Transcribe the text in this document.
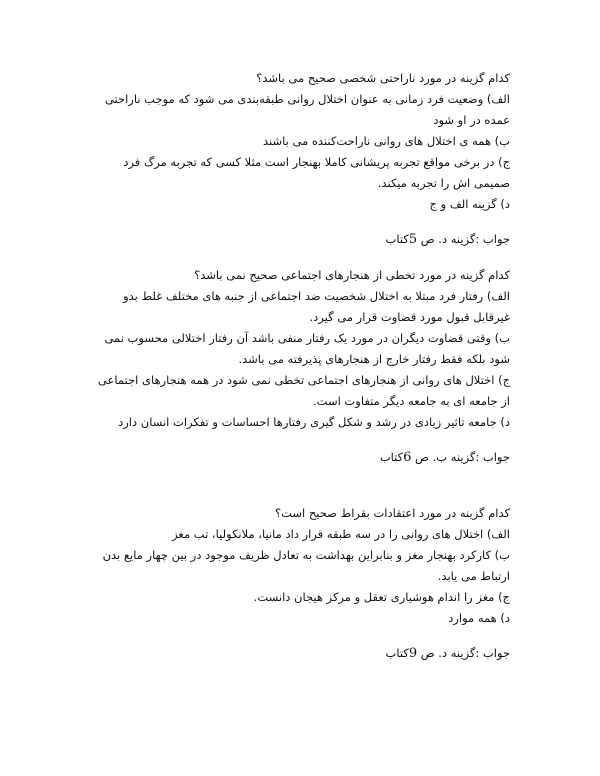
کدام گزینه در مورد ناراحتی شخصی صحیح می باشد؟

الف) وضعیت فرد زمانی به عنوان اختلال روانی طبقه‌بندی می شود که موجب ناراحتی عمده در او شود

ب) همه ی اختلال های روانی ناراحت‌کننده می باشند

ج) در برخی مواقع تجربه پریشانی کاملا بهنجار است مثلا کسی که تجربه مرگ فرد صمیمی اش را تجربه میکند.

د) گزینه الف و ج

جواب :گزینه د. ص 5کتاب

کدام گزینه در مورد تخطی از هنجارهای اجتماعی صحیح نمی باشد؟

الف) رفتار فرد مبتلا به اختلال شخصیت ضد اجتماعی از جنبه های مختلف غلط بدو غیرقابل قبول مورد قضاوت قرار می گیرد.

ب) وقتی قضاوت دیگران در مورد یک رفتار منفی باشد آن رفتار اختلالی محسوب نمی شود بلکه فقط رفتار خارج از هنجارهای پذیرفته می باشد.

ج) اختلال های روانی از هنجارهای اجتماعی تخطی نمی شود در همه هنجارهای اجتماعی از جامعه ای به جامعه دیگر متفاوت است.

د) جامعه تاثیر زیادی در رشد و شکل گیری رفتارها احساسات و تفکرات انسان دارد

جواب :گزینه ب. ص 6کتاب

کدام گزینه در مورد اعتقادات بقراط صحیح است؟

الف) اختلال های روانی را در سه طبقه قرار داد مانیا، ملانکولیا، تب مغز

ب) کارکرد بهنجار مغز و بنابراین بهداشت به تعادل ظریف موجود در بین چهار مایع بدن ارتباط می یابد.

ج) مغز را اندام هوشیاری تعقل و مرکز هیجان دانست.

د) همه موارد

جواب :گزینه د. ص 9کتاب
